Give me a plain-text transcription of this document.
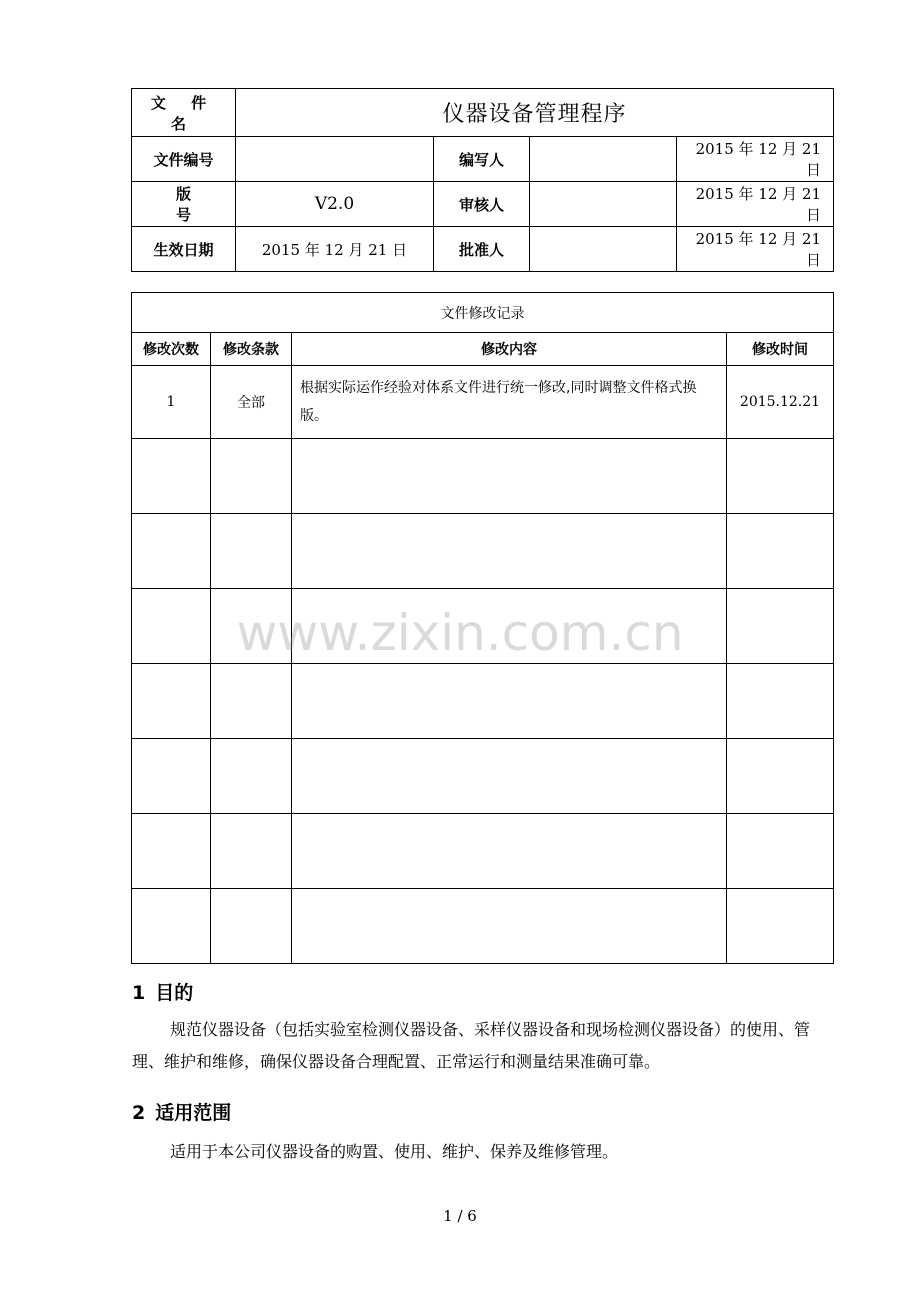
文 件 名	仪器设备管理程序			
文件编号		编写人		2015 年 12 月 21 日
版 号	V2.0	审核人		2015 年 12 月 21 日
生效日期	2015 年 12 月 21 日	批准人		2015 年 12 月 21 日
文件修改记录			
修改次数	修改条款	修改内容	修改时间
1	全部	根据实际运作经验对体系文件进行统一修改,同时调整文件格式换版。	2015.12.21

www.zixin.com.cn
1 目的
规范仪器设备（包括实验室检测仪器设备、采样仪器设备和现场检测仪器设备）的使用、管理、维护和维修，确保仪器设备合理配置、正常运行和测量结果准确可靠。
2 适用范围
适用于本公司仪器设备的购置、使用、维护、保养及维修管理。
1 / 6
